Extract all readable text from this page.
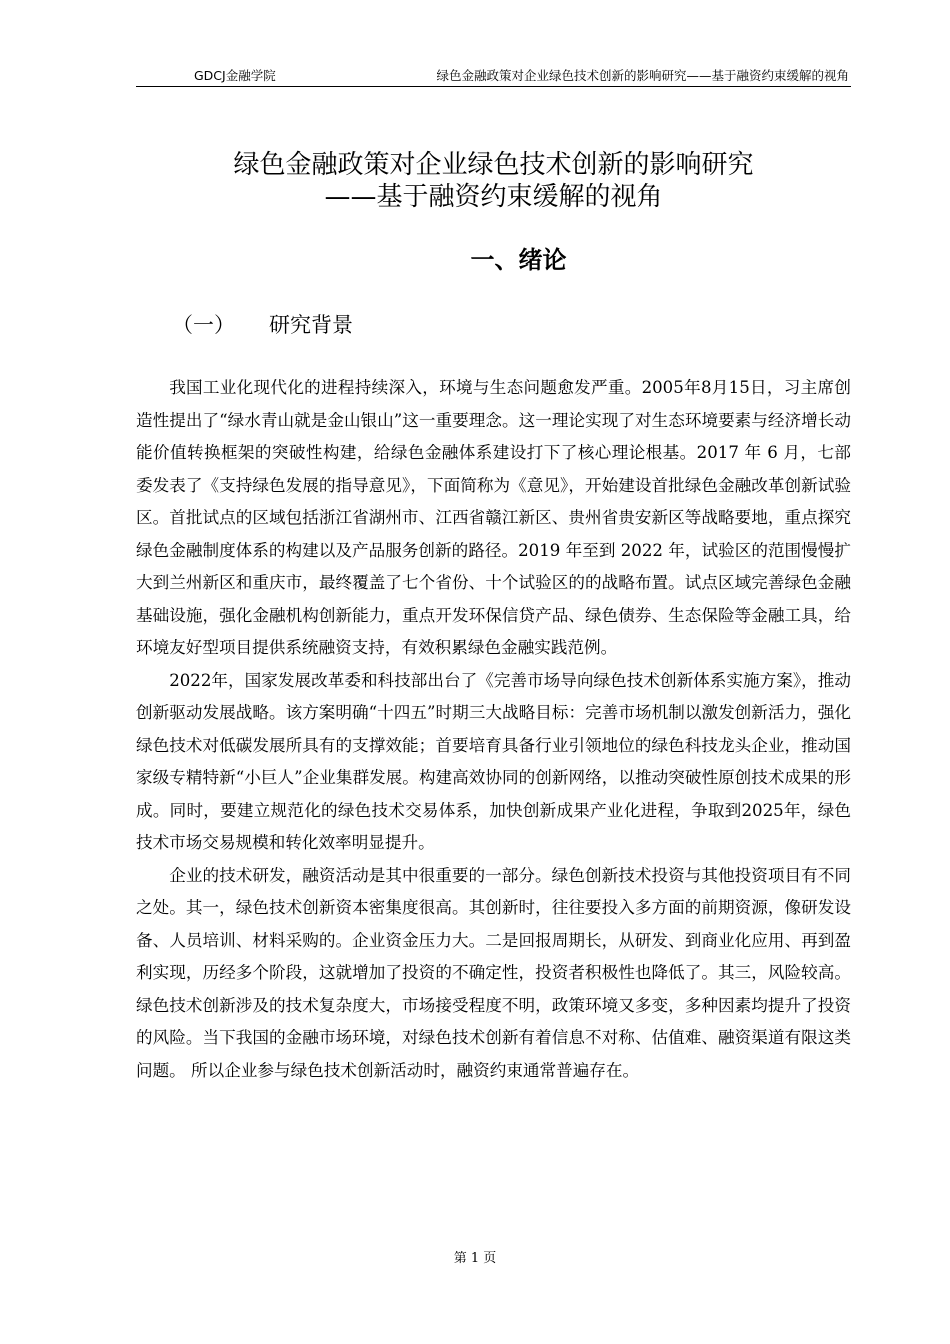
GDCJ金融学院	绿色金融政策对企业绿色技术创新的影响研究——基于融资约束缓解的视角
绿色金融政策对企业绿色技术创新的影响研究
——基于融资约束缓解的视角
一、绪论
（一） 研究背景

我国工业化现代化的进程持续深入，环境与生态问题愈发严重。2005年8月15日，习主席创造性提出了“绿水青山就是金山银山”这一重要理念。这一理论实现了对生态环境要素与经济增长动能价值转换框架的突破性构建，给绿色金融体系建设打下了核心理论根基。2017 年 6 月，七部委发表了《支持绿色发展的指导意见》，下面简称为《意见》，开始建设首批绿色金融改革创新试验区。首批试点的区域包括浙江省湖州市、江西省赣江新区、贵州省贵安新区等战略要地，重点探究绿色金融制度体系的构建以及产品服务创新的路径。2019 年至到 2022 年，试验区的范围慢慢扩大到兰州新区和重庆市，最终覆盖了七个省份、十个试验区的的战略布置。试点区域完善绿色金融基础设施，强化金融机构创新能力，重点开发环保信贷产品、绿色债券、生态保险等金融工具，给环境友好型项目提供系统融资支持，有效积累绿色金融实践范例。

2022年，国家发展改革委和科技部出台了《完善市场导向绿色技术创新体系实施方案》，推动创新驱动发展战略。该方案明确“十四五”时期三大战略目标：完善市场机制以激发创新活力，强化绿色技术对低碳发展所具有的支撑效能；首要培育具备行业引领地位的绿色科技龙头企业，推动国家级专精特新“小巨人”企业集群发展。构建高效协同的创新网络，以推动突破性原创技术成果的形成。同时，要建立规范化的绿色技术交易体系，加快创新成果产业化进程，争取到2025年，绿色技术市场交易规模和转化效率明显提升。

企业的技术研发，融资活动是其中很重要的一部分。绿色创新技术投资与其他投资项目有不同之处。其一，绿色技术创新资本密集度很高。其创新时，往往要投入多方面的前期资源，像研发设备、人员培训、材料采购的。企业资金压力大。二是回报周期长，从研发、到商业化应用、再到盈利实现，历经多个阶段，这就增加了投资的不确定性，投资者积极性也降低了。其三，风险较高。绿色技术创新涉及的技术复杂度大，市场接受程度不明，政策环境又多变，多种因素均提升了投资的风险。当下我国的金融市场环境，对绿色技术创新有着信息不对称、估值难、融资渠道有限这类问题。 所以企业参与绿色技术创新活动时，融资约束通常普遍存在。

第 1 页
